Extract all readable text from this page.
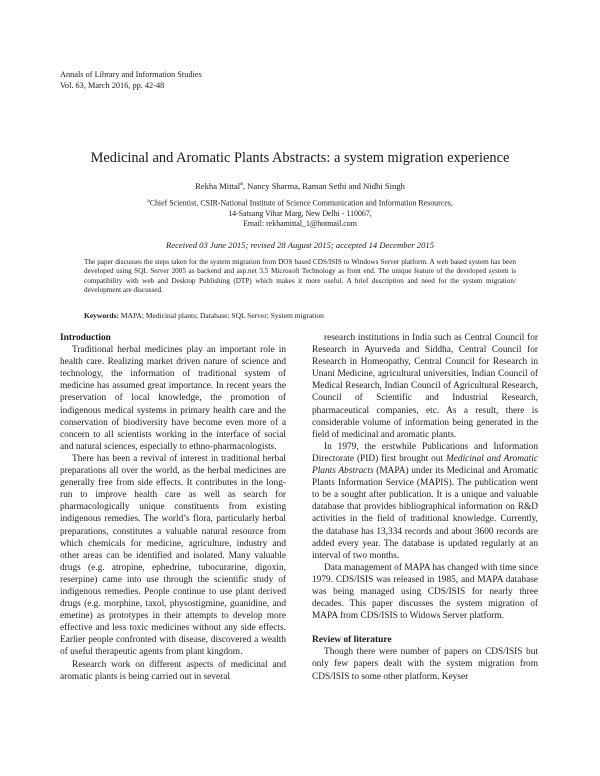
Annals of Library and Information Studies
Vol. 63, March 2016, pp. 42-48
Medicinal and Aromatic Plants Abstracts: a system migration experience
Rekha Mittal$^a$, Nancy Sharma, Raman Sethi and Nidhi Singh
$^a$Chief Scientist, CSIR-National Institute of Science Communication and Information Resources,
14-Satsang Vihar Marg, New Delhi - 110067,
Email: rekhamittal_1@hotmail.com
Received 03 June 2015; revised 28 August 2015; accepted 14 December 2015
The paper discusses the steps taken for the system migration from DOS based CDS/ISIS to Windows Server platform. A web based system has been developed using SQL Server 2005 as backend and asp.net 3.5 Microsoft Technology as front end. The unique feature of the developed system is compatibility with web and Desktop Publishing (DTP) which makes it more useful. A brief description and need for the system migration/ development are discussed.
Keywords: MAPA; Medicinal plants; Database; SQL Server; System migration
Introduction

Traditional herbal medicines play an important role in health care. Realizing market driven nature of science and technology, the information of traditional system of medicine has assumed great importance. In recent years the preservation of local knowledge, the promotion of indigenous medical systems in primary health care and the conservation of biodiversity have become even more of a concern to all scientists working in the interface of social and natural sciences, especially to ethno-pharmacologists.

There has been a revival of interest in traditional herbal preparations all over the world, as the herbal medicines are generally free from side effects. It contributes in the long-run to improve health care as well as search for pharmacologically unique constituents from existing indigenous remedies. The world’s flora, particularly herbal preparations, constitutes a valuable natural resource from which chemicals for medicine, agriculture, industry and other areas can be identified and isolated. Many valuable drugs (e.g. atropine, ephedrine, tubocurarine, digoxin, reserpine) came into use through the scientific study of indigenous remedies. People continue to use plant derived drugs (e.g. morphine, taxol, physostigmine, guanidine, and emetine) as prototypes in their attempts to develop more effective and less toxic medicines without any side effects. Earlier people confronted with disease, discovered a wealth of useful therapeutic agents from plant kingdom.

Research work on different aspects of medicinal and aromatic plants is being carried out in several

research institutions in India such as Central Council for Research in Ayurveda and Siddha, Central Council for Research in Homeopathy, Central Council for Research in Unani Medicine, agricultural universities, Indian Council of Medical Research, Indian Council of Agricultural Research, Council of Scientific and Industrial Research, pharmaceutical companies, etc. As a result, there is considerable volume of information being generated in the field of medicinal and aromatic plants.

In 1979, the erstwhile Publications and Information Directorate (PID) first brought out Medicinal and Aromatic Plants Abstracts (MAPA) under its Medicinal and Aromatic Plants Information Service (MAPIS). The publication went to be a sought after publication. It is a unique and valuable database that provides bibliographical information on R&D activities in the field of traditional knowledge. Currently, the database has 13,334 records and about 3600 records are added every year. The database is updated regularly at an interval of two months.

Data management of MAPA has changed with time since 1979. CDS/ISIS was released in 1985, and MAPA database was being managed using CDS/ISIS for nearly three decades. This paper discusses the system migration of MAPA from CDS/ISIS to Widows Server platform.

Review of literature

Though there were number of papers on CDS/ISIS but only few papers dealt with the system migration from CDS/ISIS to some other platform. Keyser
